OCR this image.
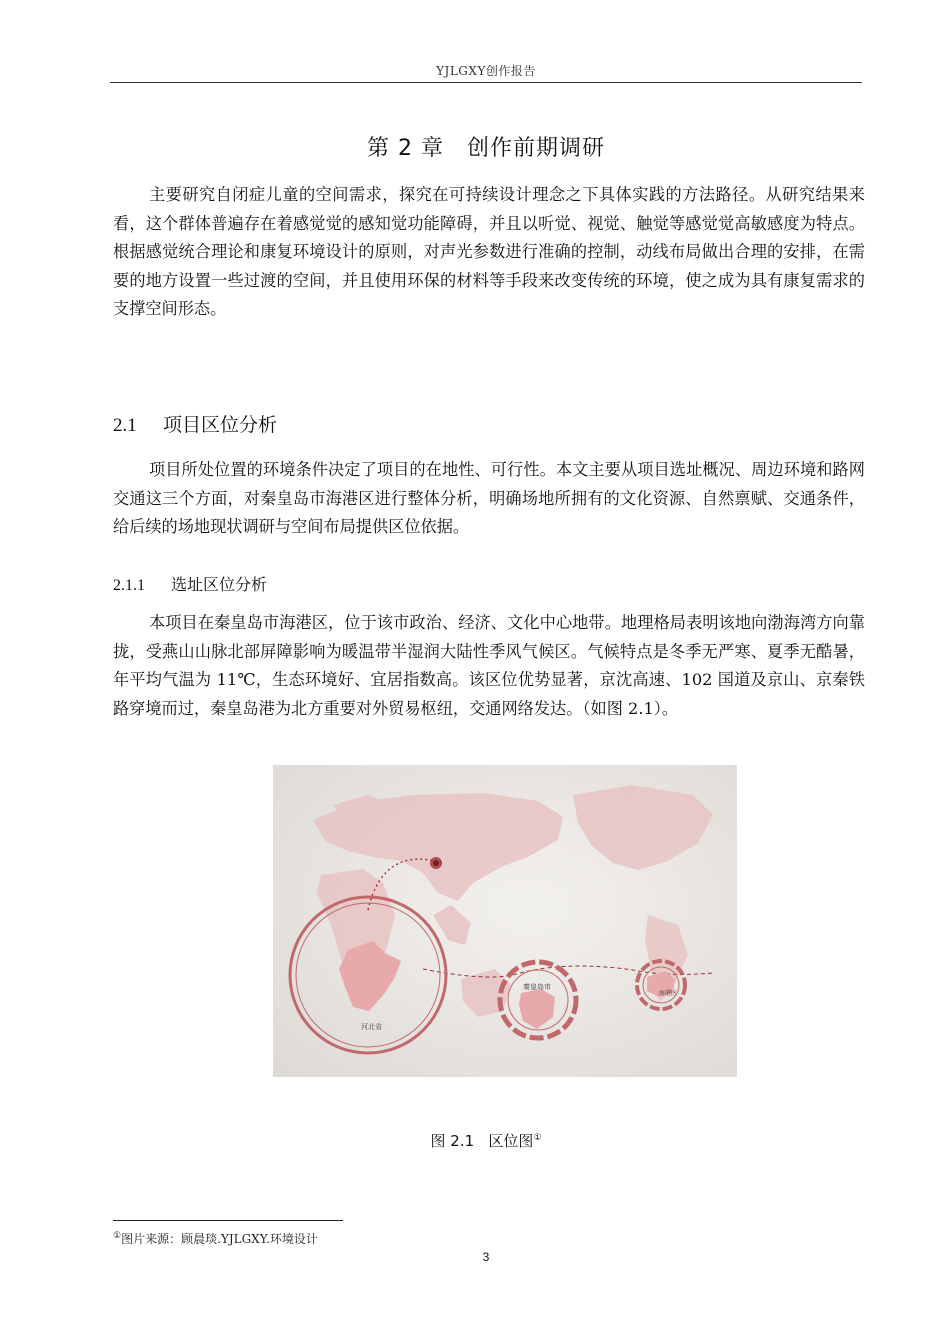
YJLGXY创作报告
第 2 章　创作前期调研

主要研究自闭症儿童的空间需求，探究在可持续设计理念之下具体实践的方法路径。从研究结果来看，这个群体普遍存在着感觉觉的感知觉功能障碍，并且以听觉、视觉、触觉等感觉觉高敏感度为特点。根据感觉统合理论和康复环境设计的原则，对声光参数进行准确的控制，动线布局做出合理的安排，在需要的地方设置一些过渡的空间，并且使用环保的材料等手段来改变传统的环境，使之成为具有康复需求的支撑空间形态。

2.1 项目区位分析

项目所处位置的环境条件决定了项目的在地性、可行性。本文主要从项目选址概况、周边环境和路网交通这三个方面，对秦皇岛市海港区进行整体分析，明确场地所拥有的文化资源、自然禀赋、交通条件，给后续的场地现状调研与空间布局提供区位依据。

2.1.1 选址区位分析

本项目在秦皇岛市海港区，位于该市政治、经济、文化中心地带。地理格局表明该地向渤海湾方向靠拢，受燕山山脉北部屏障影响为暖温带半湿润大陆性季风气候区。气候特点是冬季无严寒、夏季无酷暑，年平均气温为 11℃，生态环境好、宜居指数高。该区位优势显著，京沈高速、102 国道及京山、京秦铁路穿境而过，秦皇岛港为北方重要对外贸易枢纽，交通网络发达。（如图 2.1）。

河北省
秦皇岛市
海港区
图 2.1 区位图①
①图片来源：顾晨琰.YJLGXY.环境设计
3
